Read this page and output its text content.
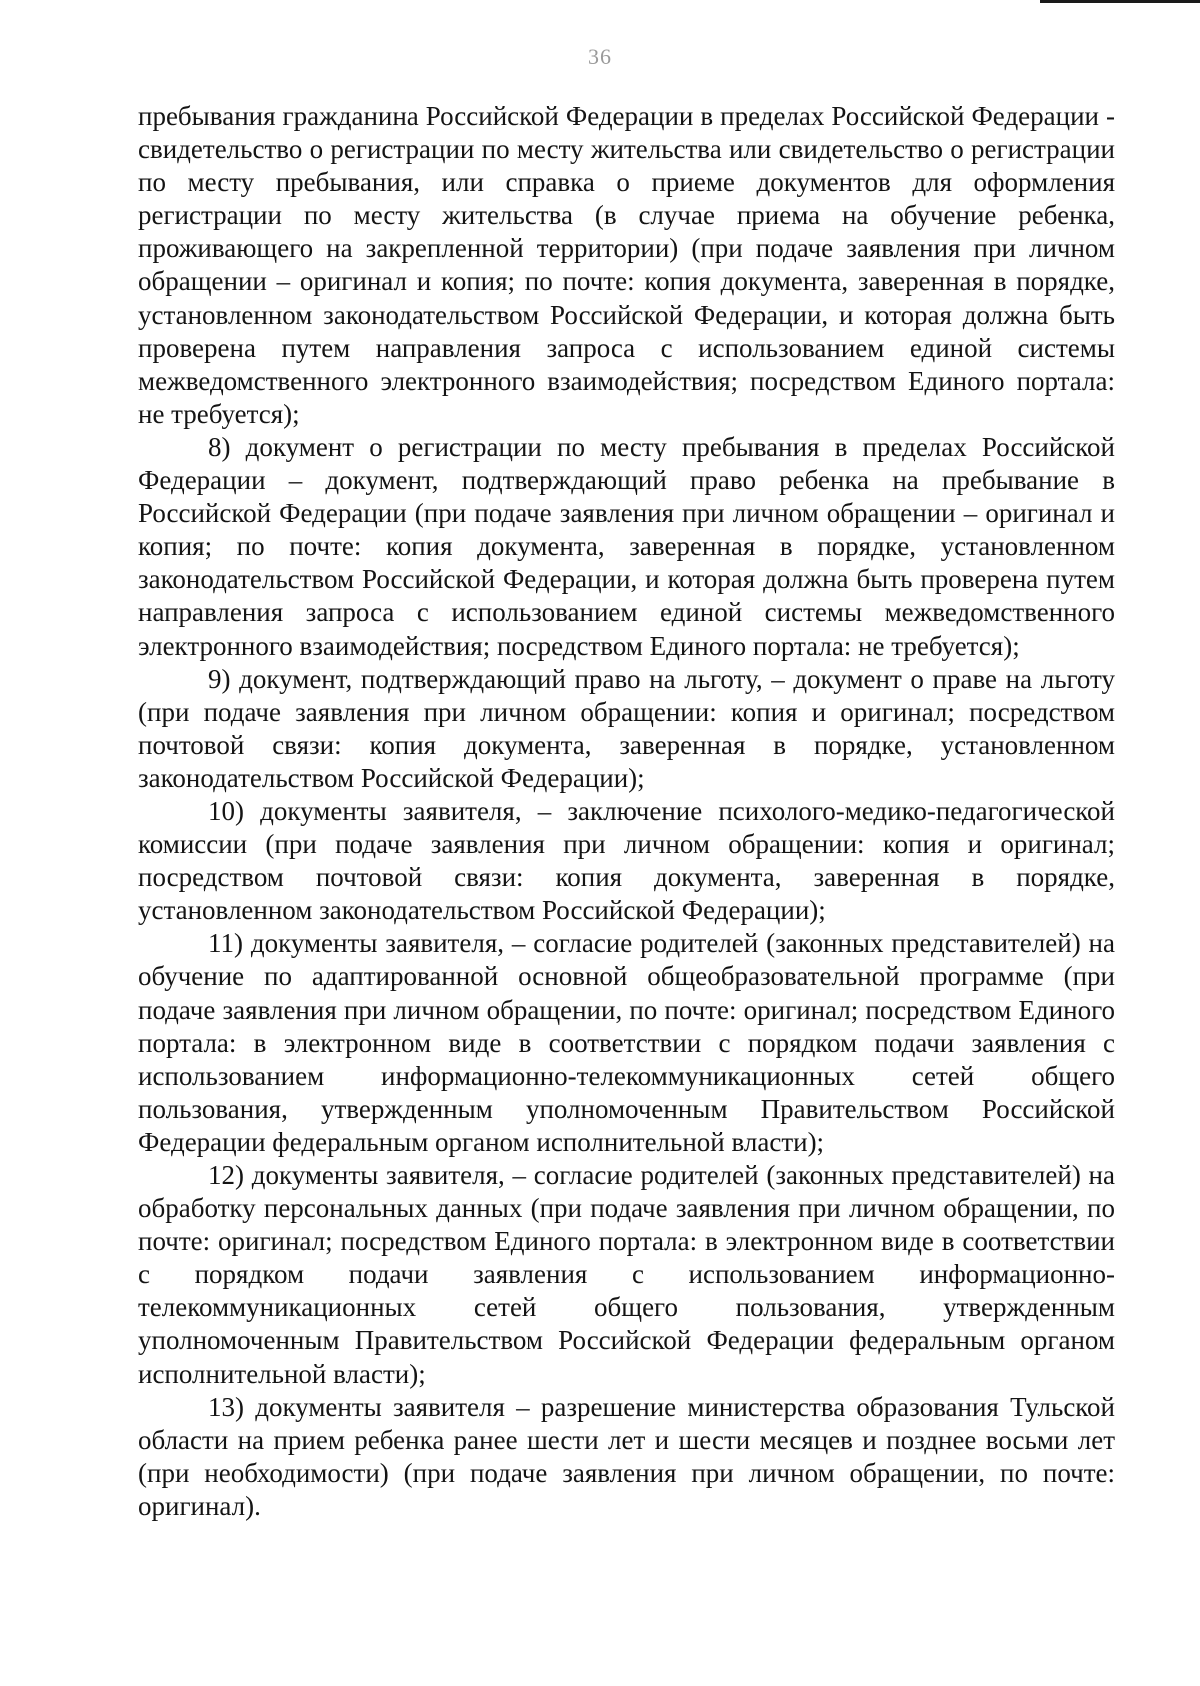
36

пребывания гражданина Российской Федерации в пределах Российской Федерации - свидетельство о регистрации по месту жительства или свидетельство о регистрации по месту пребывания, или справка о приеме документов для оформления регистрации по месту жительства (в случае приема на обучение ребенка, проживающего на закрепленной территории) (при подаче заявления при личном обращении – оригинал и копия; по почте: копия документа, заверенная в порядке, установленном законодательством Российской Федерации, и которая должна быть проверена путем направления запроса с использованием единой системы межведомственного электронного взаимодействия; посредством Единого портала: не требуется);

8) документ о регистрации по месту пребывания в пределах Российской Федерации – документ, подтверждающий право ребенка на пребывание в Российской Федерации (при подаче заявления при личном обращении – оригинал и копия; по почте: копия документа, заверенная в порядке, установленном законодательством Российской Федерации, и которая должна быть проверена путем направления запроса с использованием единой системы межведомственного электронного взаимодействия; посредством Единого портала: не требуется);

9) документ, подтверждающий право на льготу, – документ о праве на льготу (при подаче заявления при личном обращении: копия и оригинал; посредством почтовой связи: копия документа, заверенная в порядке, установленном законодательством Российской Федерации);

10) документы заявителя, – заключение психолого-медико-педагогической комиссии (при подаче заявления при личном обращении: копия и оригинал; посредством почтовой связи: копия документа, заверенная в порядке, установленном законодательством Российской Федерации);

11) документы заявителя, – согласие родителей (законных представителей) на обучение по адаптированной основной общеобразовательной программе (при подаче заявления при личном обращении, по почте: оригинал; посредством Единого портала: в электронном виде в соответствии с порядком подачи заявления с использованием информационно-телекоммуникационных сетей общего пользования, утвержденным уполномоченным Правительством Российской Федерации федеральным органом исполнительной власти);

12) документы заявителя, – согласие родителей (законных представителей) на обработку персональных данных (при подаче заявления при личном обращении, по почте: оригинал; посредством Единого портала: в электронном виде в соответствии с порядком подачи заявления с использованием информационно-телекоммуникационных сетей общего пользования, утвержденным уполномоченным Правительством Российской Федерации федеральным органом исполнительной власти);

13) документы заявителя – разрешение министерства образования Тульской области на прием ребенка ранее шести лет и шести месяцев и позднее восьми лет (при необходимости) (при подаче заявления при личном обращении, по почте: оригинал).
